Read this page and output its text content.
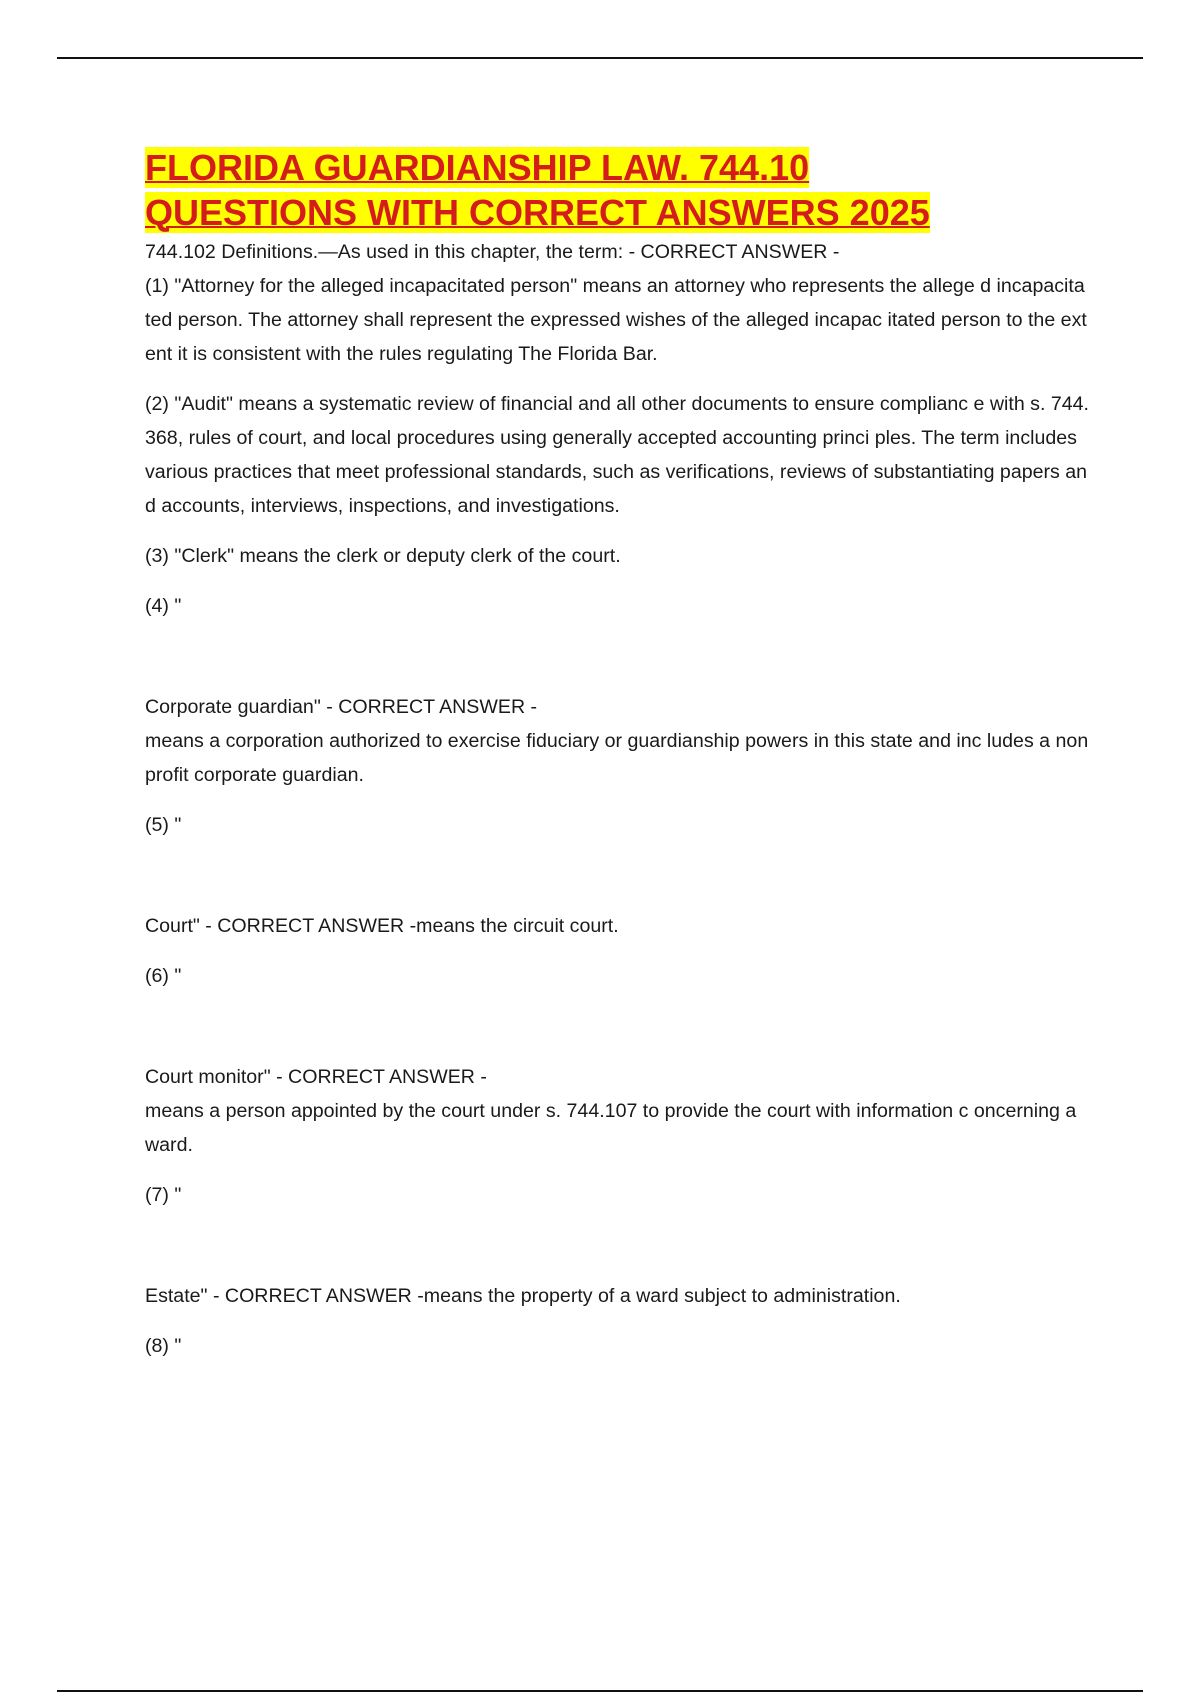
FLORIDA GUARDIANSHIP LAW. 744.10
QUESTIONS WITH CORRECT ANSWERS 2025

744.102 Definitions.—As used in this chapter, the term: - CORRECT ANSWER -

(1) "Attorney for the alleged incapacitated person" means an attorney who represents the allege d incapacitated person. The attorney shall represent the expressed wishes of the alleged incapac itated person to the extent it is consistent with the rules regulating The Florida Bar.

(2) "Audit" means a systematic review of financial and all other documents to ensure complianc e with s. 744.368, rules of court, and local procedures using generally accepted accounting princi ples. The term includes various practices that meet professional standards, such as verifications, reviews of substantiating papers and accounts, interviews, inspections, and investigations.

(3) "Clerk" means the clerk or deputy clerk of the court.

(4) "

Corporate guardian" - CORRECT ANSWER -

means a corporation authorized to exercise fiduciary or guardianship powers in this state and inc ludes a nonprofit corporate guardian.

(5) "

Court" - CORRECT ANSWER -means the circuit court.

(6) "

Court monitor" - CORRECT ANSWER -

means a person appointed by the court under s. 744.107 to provide the court with information c oncerning a ward.

(7) "

Estate" - CORRECT ANSWER -means the property of a ward subject to administration.

(8) "
